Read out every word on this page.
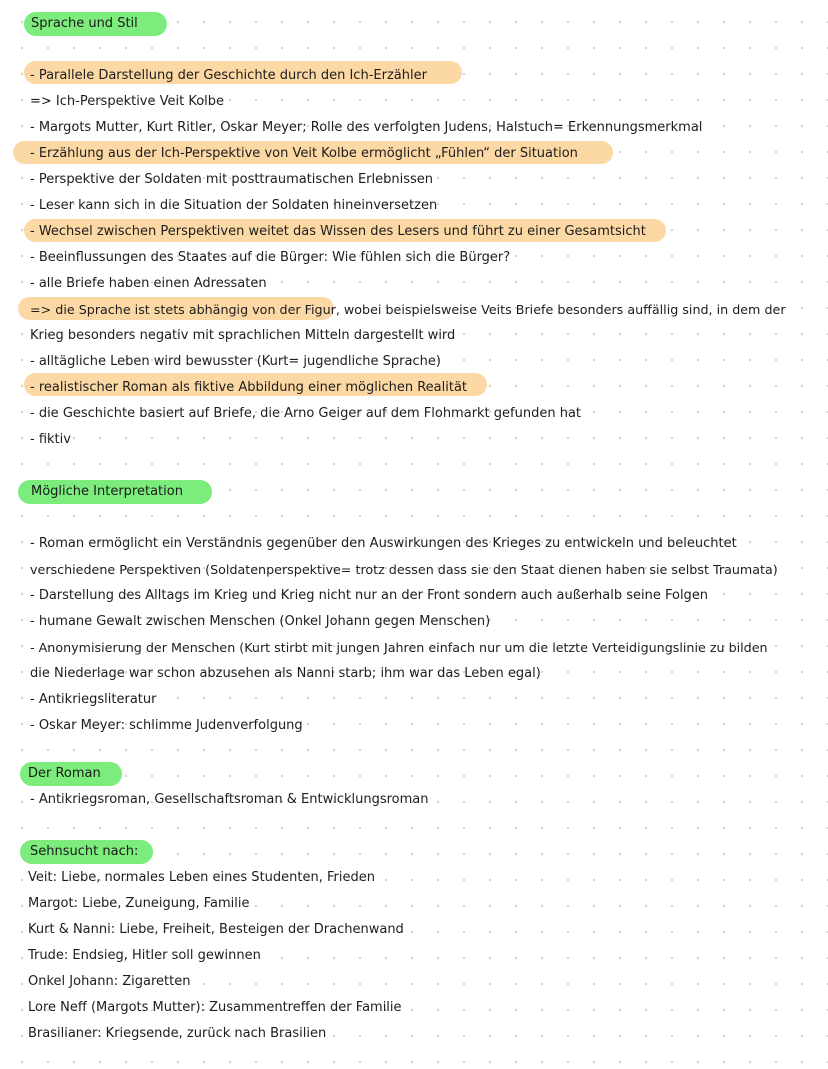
Sprache und Stil
- Parallele Darstellung der Geschichte durch den Ich-Erzähler
=> Ich-Perspektive Veit Kolbe
- Margots Mutter, Kurt Ritler, Oskar Meyer; Rolle des verfolgten Judens, Halstuch= Erkennungsmerkmal
- Erzählung aus der Ich-Perspektive von Veit Kolbe ermöglicht „Fühlen“ der Situation
- Perspektive der Soldaten mit posttraumatischen Erlebnissen
- Leser kann sich in die Situation der Soldaten hineinversetzen
- Wechsel zwischen Perspektiven weitet das Wissen des Lesers und führt zu einer Gesamtsicht
- Beeinflussungen des Staates auf die Bürger: Wie fühlen sich die Bürger?
- alle Briefe haben einen Adressaten
=> die Sprache ist stets abhängig von der Figur, wobei beispielsweise Veits Briefe besonders auffällig sind, in dem der
Krieg besonders negativ mit sprachlichen Mitteln dargestellt wird
- alltägliche Leben wird bewusster (Kurt= jugendliche Sprache)
- realistischer Roman als fiktive Abbildung einer möglichen Realität
- die Geschichte basiert auf Briefe, die Arno Geiger auf dem Flohmarkt gefunden hat
- fiktiv
Mögliche Interpretation
- Roman ermöglicht ein Verständnis gegenüber den Auswirkungen des Krieges zu entwickeln und beleuchtet
verschiedene Perspektiven (Soldatenperspektive= trotz dessen dass sie den Staat dienen haben sie selbst Traumata)
- Darstellung des Alltags im Krieg und Krieg nicht nur an der Front sondern auch außerhalb seine Folgen
- humane Gewalt zwischen Menschen (Onkel Johann gegen Menschen)
- Anonymisierung der Menschen (Kurt stirbt mit jungen Jahren einfach nur um die letzte Verteidigungslinie zu bilden
die Niederlage war schon abzusehen als Nanni starb; ihm war das Leben egal)
- Antikriegsliteratur
- Oskar Meyer: schlimme Judenverfolgung
Der Roman
- Antikriegsroman, Gesellschaftsroman & Entwicklungsroman
Sehnsucht nach:
Veit: Liebe, normales Leben eines Studenten, Frieden
Margot: Liebe, Zuneigung, Familie
Kurt & Nanni: Liebe, Freiheit, Besteigen der Drachenwand
Trude: Endsieg, Hitler soll gewinnen
Onkel Johann: Zigaretten
Lore Neff (Margots Mutter): Zusammentreffen der Familie
Brasilianer: Kriegsende, zurück nach Brasilien
